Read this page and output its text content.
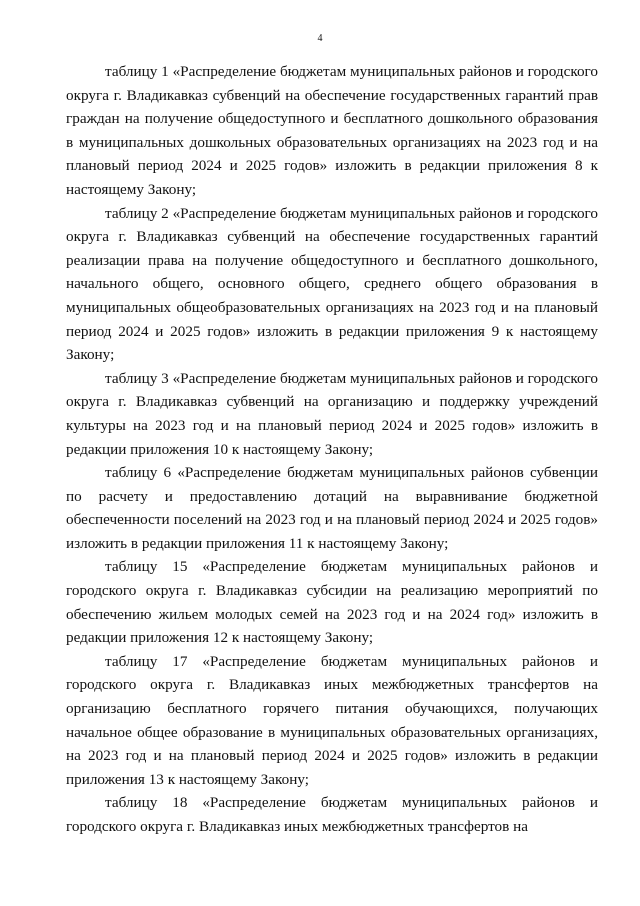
4

таблицу 1 «Распределение бюджетам муниципальных районов и городского округа г. Владикавказ субвенций на обеспечение государственных гарантий прав граждан на получение общедоступного и бесплатного дошкольного образования в муниципальных дошкольных образовательных организациях на 2023 год и на плановый период 2024 и 2025 годов» изложить в редакции приложения 8 к настоящему Закону;

таблицу 2 «Распределение бюджетам муниципальных районов и городского округа г. Владикавказ субвенций на обеспечение государственных гарантий реализации права на получение общедоступного и бесплатного дошкольного, начального общего, основного общего, среднего общего образования в муниципальных общеобразовательных организациях на 2023 год и на плановый период 2024 и 2025 годов» изложить в редакции приложения 9 к настоящему Закону;

таблицу 3 «Распределение бюджетам муниципальных районов и городского округа г. Владикавказ субвенций на организацию и поддержку учреждений культуры на 2023 год и на плановый период 2024 и 2025 годов» изложить в редакции приложения 10 к настоящему Закону;

таблицу 6 «Распределение бюджетам муниципальных районов субвенции по расчету и предоставлению дотаций на выравнивание бюджетной обеспеченности поселений на 2023 год и на плановый период 2024 и 2025 годов» изложить в редакции приложения 11 к настоящему Закону;

таблицу 15 «Распределение бюджетам муниципальных районов и городского округа г. Владикавказ субсидии на реализацию мероприятий по обеспечению жильем молодых семей на 2023 год и на 2024 год» изложить в редакции приложения 12 к настоящему Закону;

таблицу 17 «Распределение бюджетам муниципальных районов и городского округа г. Владикавказ иных межбюджетных трансфертов на организацию бесплатного горячего питания обучающихся, получающих начальное общее образование в муниципальных образовательных организациях, на 2023 год и на плановый период 2024 и 2025 годов» изложить в редакции приложения 13 к настоящему Закону;

таблицу 18 «Распределение бюджетам муниципальных районов и городского округа г. Владикавказ иных межбюджетных трансфертов на
